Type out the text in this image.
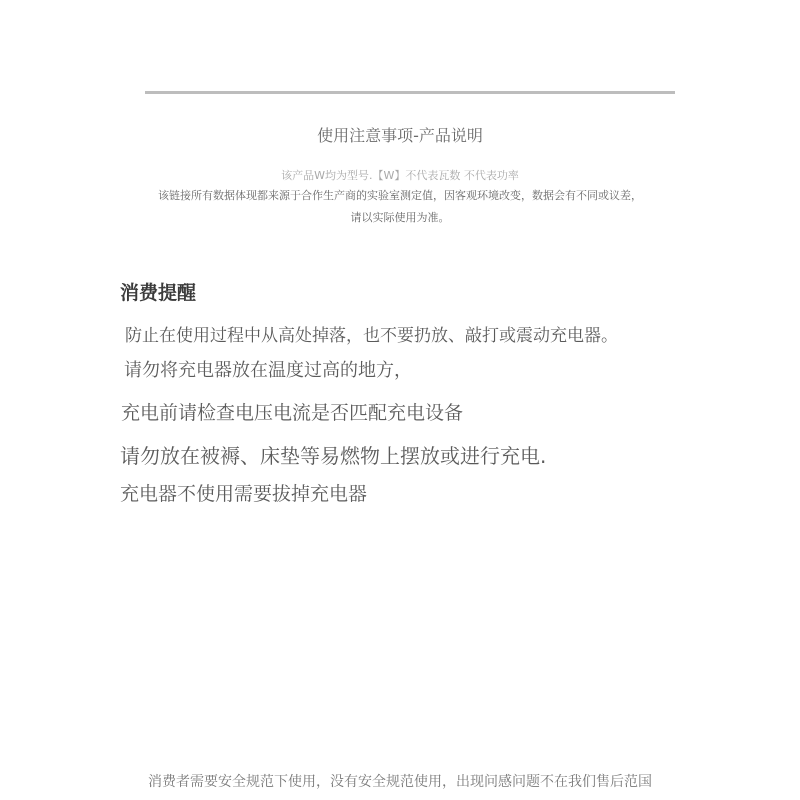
使用注意事项-产品说明
该产品W均为型号.【W】不代表瓦数 不代表功率
该链接所有数据体现都来源于合作生产商的实验室测定值，因客观环境改变，数据会有不同或议差，
请以实际使用为准。
消费提醒
防止在使用过程中从高处掉落，也不要扔放、敲打或震动充电器。
请勿将充电器放在温度过高的地方，
充电前请检查电压电流是否匹配充电设备
请勿放在被褥、床垫等易燃物上摆放或进行充电.
充电器不使用需要拔掉充电器
消费者需要安全规范下使用，没有安全规范使用，出现问感问题不在我们售后范国
